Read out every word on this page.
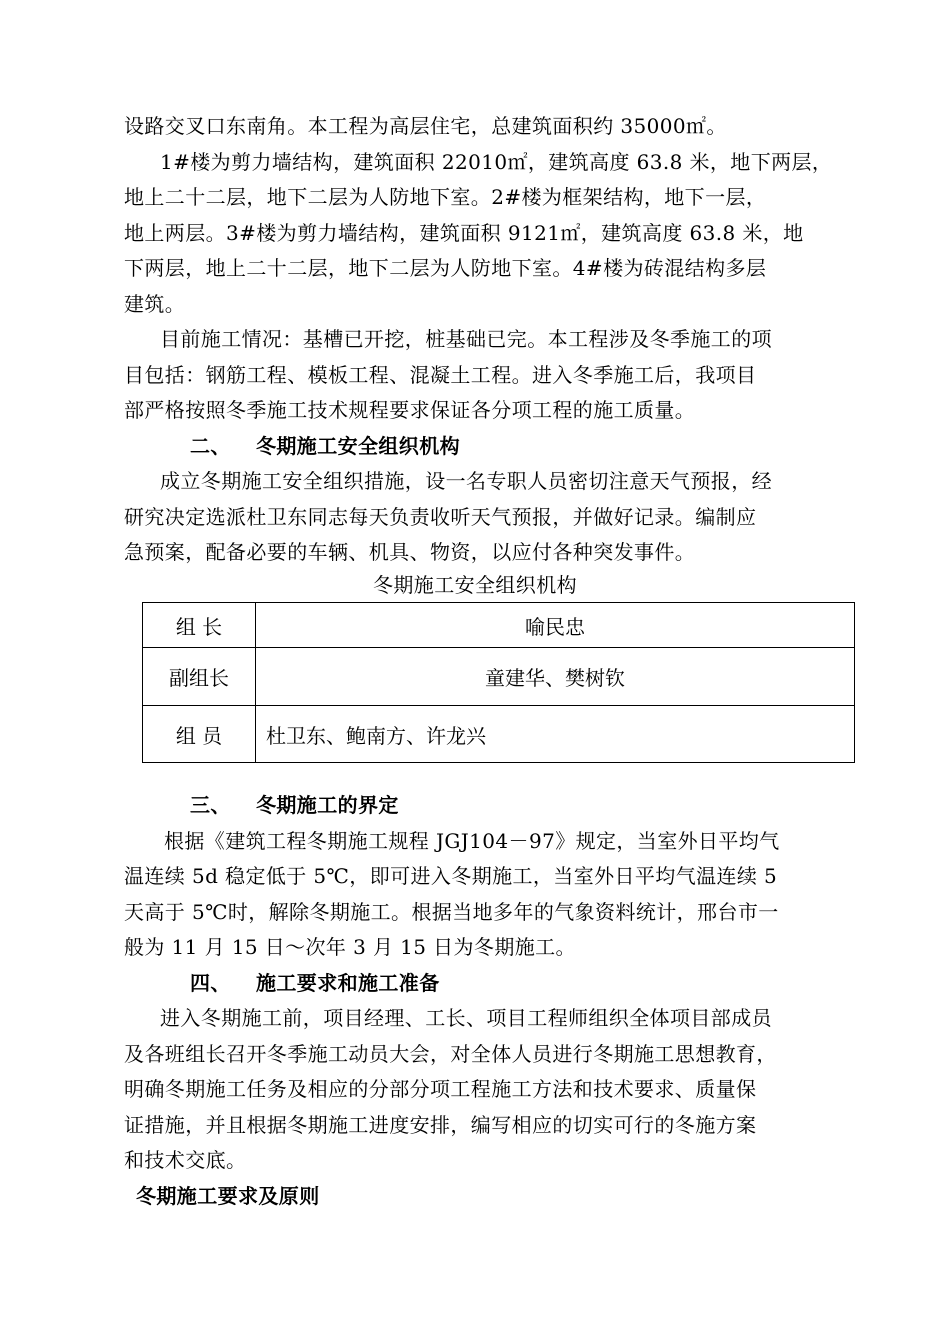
设路交叉口东南角。本工程为高层住宅，总建筑面积约 35000㎡。
1#楼为剪力墙结构，建筑面积 22010㎡，建筑高度 63.8 米，地下两层，
地上二十二层，地下二层为人防地下室。2#楼为框架结构，地下一层，
地上两层。3#楼为剪力墙结构，建筑面积 9121㎡，建筑高度 63.8 米，地
下两层，地上二十二层，地下二层为人防地下室。4#楼为砖混结构多层
建筑。
目前施工情况：基槽已开挖，桩基础已完。本工程涉及冬季施工的项
目包括：钢筋工程、模板工程、混凝土工程。进入冬季施工后，我项目
部严格按照冬季施工技术规程要求保证各分项工程的施工质量。
二、 冬期施工安全组织机构
成立冬期施工安全组织措施，设一名专职人员密切注意天气预报，经
研究决定选派杜卫东同志每天负责收听天气预报，并做好记录。编制应
急预案，配备必要的车辆、机具、物资，以应付各种突发事件。
冬期施工安全组织机构
组 长	喻民忠
副组长	童建华、樊树钦
组 员	杜卫东、鲍南方、许龙兴
三、 冬期施工的界定
根据《建筑工程冬期施工规程 JGJ104－97》规定，当室外日平均气
温连续 5d 稳定低于 5℃，即可进入冬期施工，当室外日平均气温连续 5
天高于 5℃时，解除冬期施工。根据当地多年的气象资料统计，邢台市一
般为 11 月 15 日～次年 3 月 15 日为冬期施工。
四、 施工要求和施工准备
进入冬期施工前，项目经理、工长、项目工程师组织全体项目部成员
及各班组长召开冬季施工动员大会，对全体人员进行冬期施工思想教育，
明确冬期施工任务及相应的分部分项工程施工方法和技术要求、质量保
证措施，并且根据冬期施工进度安排，编写相应的切实可行的冬施方案
和技术交底。
冬期施工要求及原则
